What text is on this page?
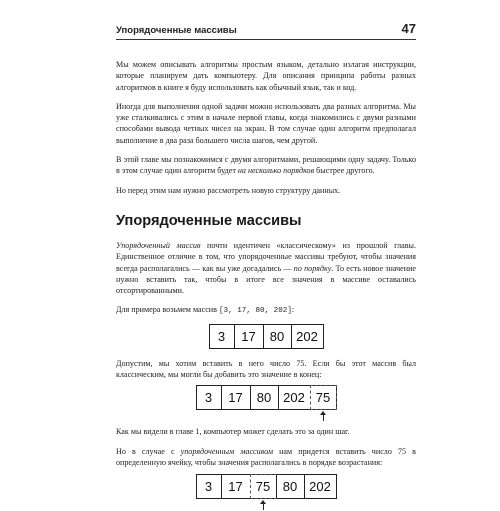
Упорядоченные массивы	47

Мы можем описывать алгоритмы простым языком, детально излагая инструкции, которые планируем дать компьютеру. Для описания принципа работы разных алгоритмов в книге я буду использовать как обычный язык, так и код.

Иногда для выполнения одной задачи можно использовать два разных алгоритма. Мы уже сталкивались с этим в начале первой главы, когда знакомились с двумя разными способами вывода четных чисел на экран. В том случае один алгоритм предполагал выполнение в два раза большего числа шагов, чем другой.

В этой главе мы познакомимся с двумя алгоритмами, решающими одну задачу. Только в этом случае один алгоритм будет на несколько порядков быстрее другого.

Но перед этим нам нужно рассмотреть новую структуру данных.

Упорядоченные массивы

Упорядоченный массив почти идентичен «классическому» из прошлой главы. Единственное отличие в том, что упорядоченные массивы требуют, чтобы значения всегда располагались — как вы уже догадались — по порядку. То есть новое значение нужно вставить так, чтобы в итоге все значения в массиве оставались отсортированными.

Для примера возьмем массив [3, 17, 80, 202]:

3	17	80 202

Допустим, мы хотим вставить в него число 75. Если бы этот массив был классическим, мы могли бы добавить это значение в конец:

3	17	80 202 75

Как мы видели в главе 1, компьютер может сделать это за один шаг.

Но в случае с упорядоченным массивом нам придется вставить число 75 в определенную ячейку, чтобы значения располагались в порядке возрастания:

3	17	75 80 202
